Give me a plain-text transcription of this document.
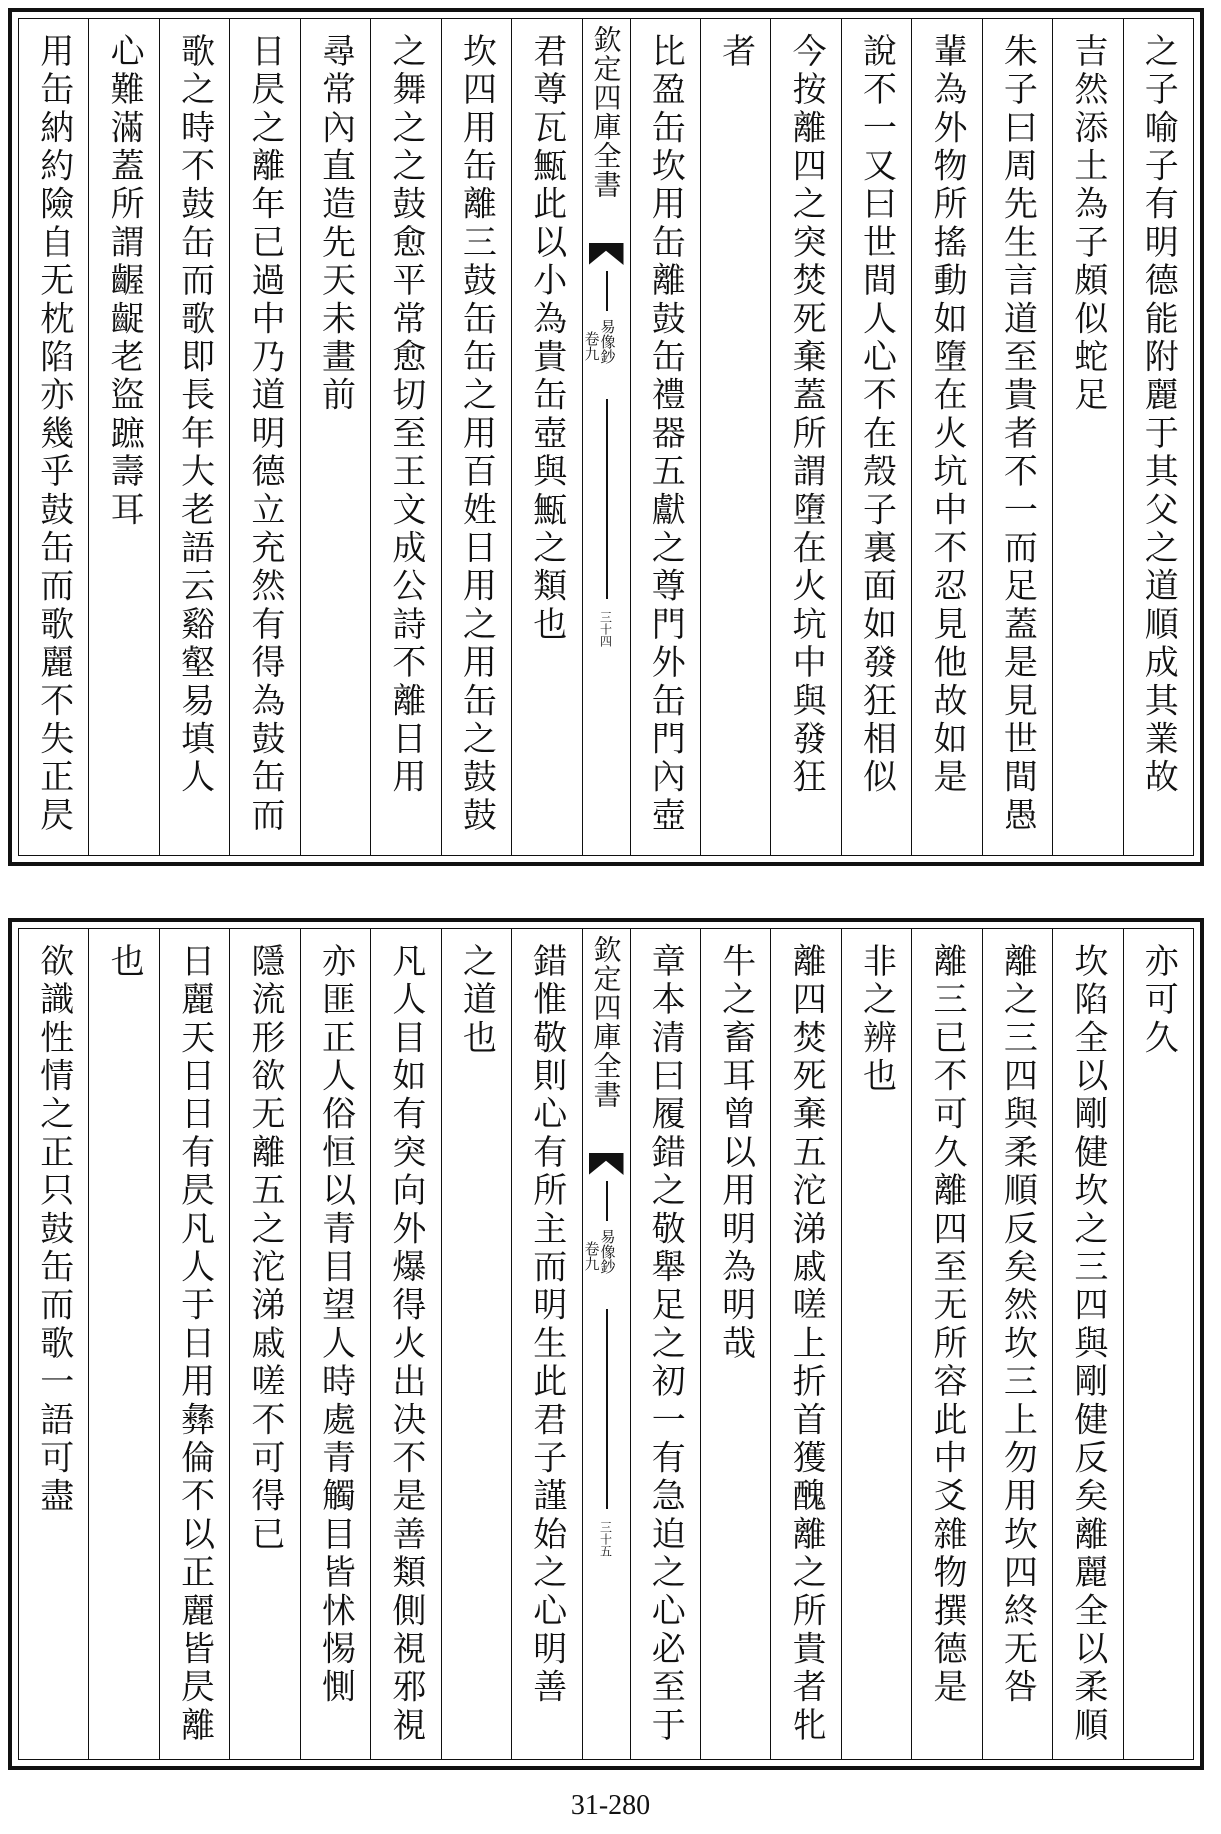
之子喻子有明德能附麗于其父之道順成其業故
吉然添土為子頗似蛇足
朱子曰周先生言道至貴者不一而足蓋是見世間愚
輩為外物所搖動如墮在火坑中不忍見他故如是
說不一又曰世間人心不在殼子裏面如發狂相似
今按離四之突焚死棄蓋所謂墮在火坑中與發狂
者
比盈缶坎用缶離鼓缶禮器五獻之尊門外缶門內壺
欽定四庫全書
易像鈔
卷九
三十四
君尊瓦甒此以小為貴缶壺與甒之類也
坎四用缶離三鼓缶缶之用百姓日用之用缶之鼓鼓
之舞之之鼓愈平常愈切至王文成公詩不離日用
尋常內直造先天未畫前
日昃之離年已過中乃道明德立充然有得為鼓缶而
歌之時不鼓缶而歌即長年大老語云谿壑易填人
心難滿蓋所謂齷齪老盜蹠壽耳
用缶納約險自无枕陷亦幾乎鼓缶而歌麗不失正昃
亦可久
坎陷全以剛健坎之三四與剛健反矣離麗全以柔順
離之三四與柔順反矣然坎三上勿用坎四終无咎
離三已不可久離四至无所容此中爻雜物撰德是
非之辨也
離四焚死棄五沱涕戚嗟上折首獲醜離之所貴者牝
牛之畜耳曾以用明為明哉
章本清曰履錯之敬舉足之初一有急迫之心必至于
欽定四庫全書
易像鈔
卷九
三十五
錯惟敬則心有所主而明生此君子謹始之心明善
之道也
凡人目如有突向外爆得火出决不是善類側視邪視
亦匪正人俗恒以青目望人時處青觸目皆怵惕惻
隱流形欲无離五之沱涕戚嗟不可得已
日麗天日日有昃凡人于日用彝倫不以正麗皆昃離
也
欲識性情之正只鼓缶而歌一語可盡
31-280
